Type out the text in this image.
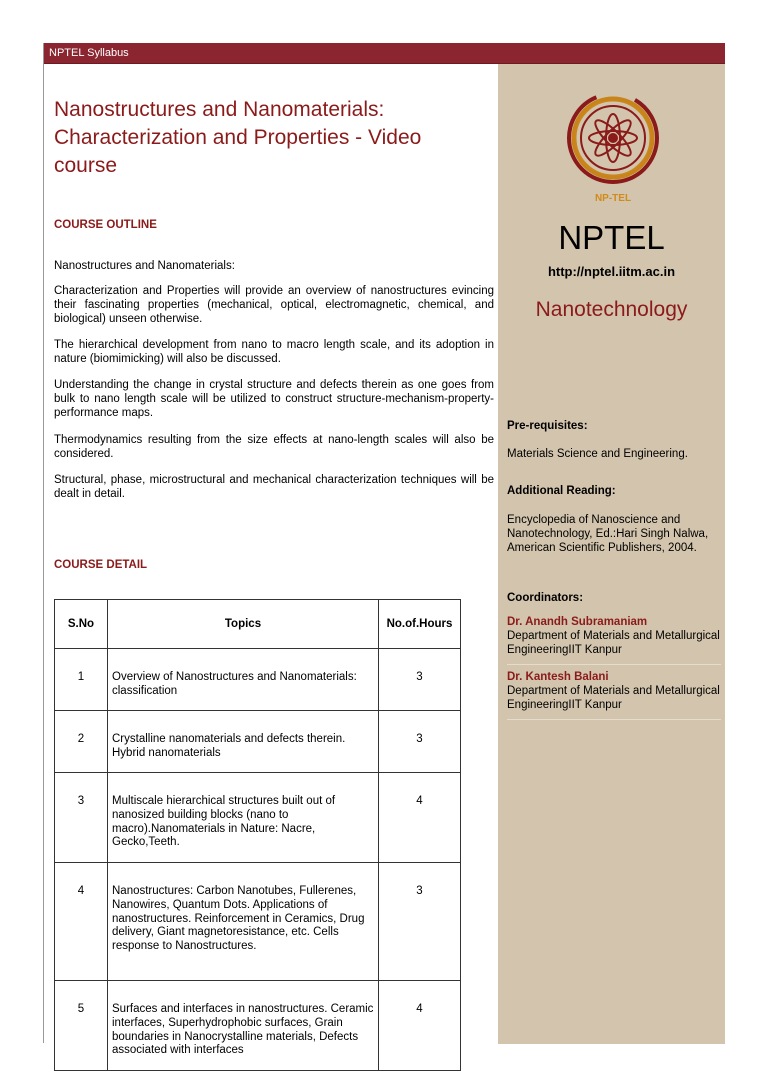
NPTEL Syllabus
Nanostructures and Nanomaterials: Characterization and Properties - Video course
COURSE OUTLINE
Nanostructures and Nanomaterials:
Characterization and Properties will provide an overview of nanostructures evincing their fascinating properties (mechanical, optical, electromagnetic, chemical, and biological) unseen otherwise.
The hierarchical development from nano to macro length scale, and its adoption in nature (biomimicking) will also be discussed.
Understanding the change in crystal structure and defects therein as one goes from bulk to nano length scale will be utilized to construct structure-mechanism-property-performance maps.
Thermodynamics resulting from the size effects at nano-length scales will also be considered.
Structural, phase, microstructural and mechanical characterization techniques will be dealt in detail.
COURSE DETAIL
S.No	Topics	No.of.Hours
1	Overview of Nanostructures and Nanomaterials: classification	3
2	Crystalline nanomaterials and defects therein. Hybrid nanomaterials	3
3	Multiscale hierarchical structures built out of nanosized building blocks (nano to macro).Nanomaterials in Nature: Nacre, Gecko,Teeth.	4
4	Nanostructures: Carbon Nanotubes, Fullerenes, Nanowires, Quantum Dots. Applications of nanostructures. Reinforcement in Ceramics, Drug delivery, Giant magnetoresistance, etc. Cells response to Nanostructures.	3
5	Surfaces and interfaces in nanostructures. Ceramic interfaces, Superhydrophobic surfaces, Grain boundaries in Nanocrystalline materials, Defects associated with interfaces	4
NP-TEL
NPTEL
http://nptel.iitm.ac.in
Nanotechnology
Pre-requisites:
Materials Science and Engineering.
Additional Reading:
Encyclopedia of Nanoscience and Nanotechnology, Ed.:Hari Singh Nalwa, American Scientific Publishers, 2004.
Coordinators:
Dr. Anandh Subramaniam
Department of Materials and Metallurgical EngineeringIIT Kanpur
Dr. Kantesh Balani
Department of Materials and Metallurgical EngineeringIIT Kanpur
